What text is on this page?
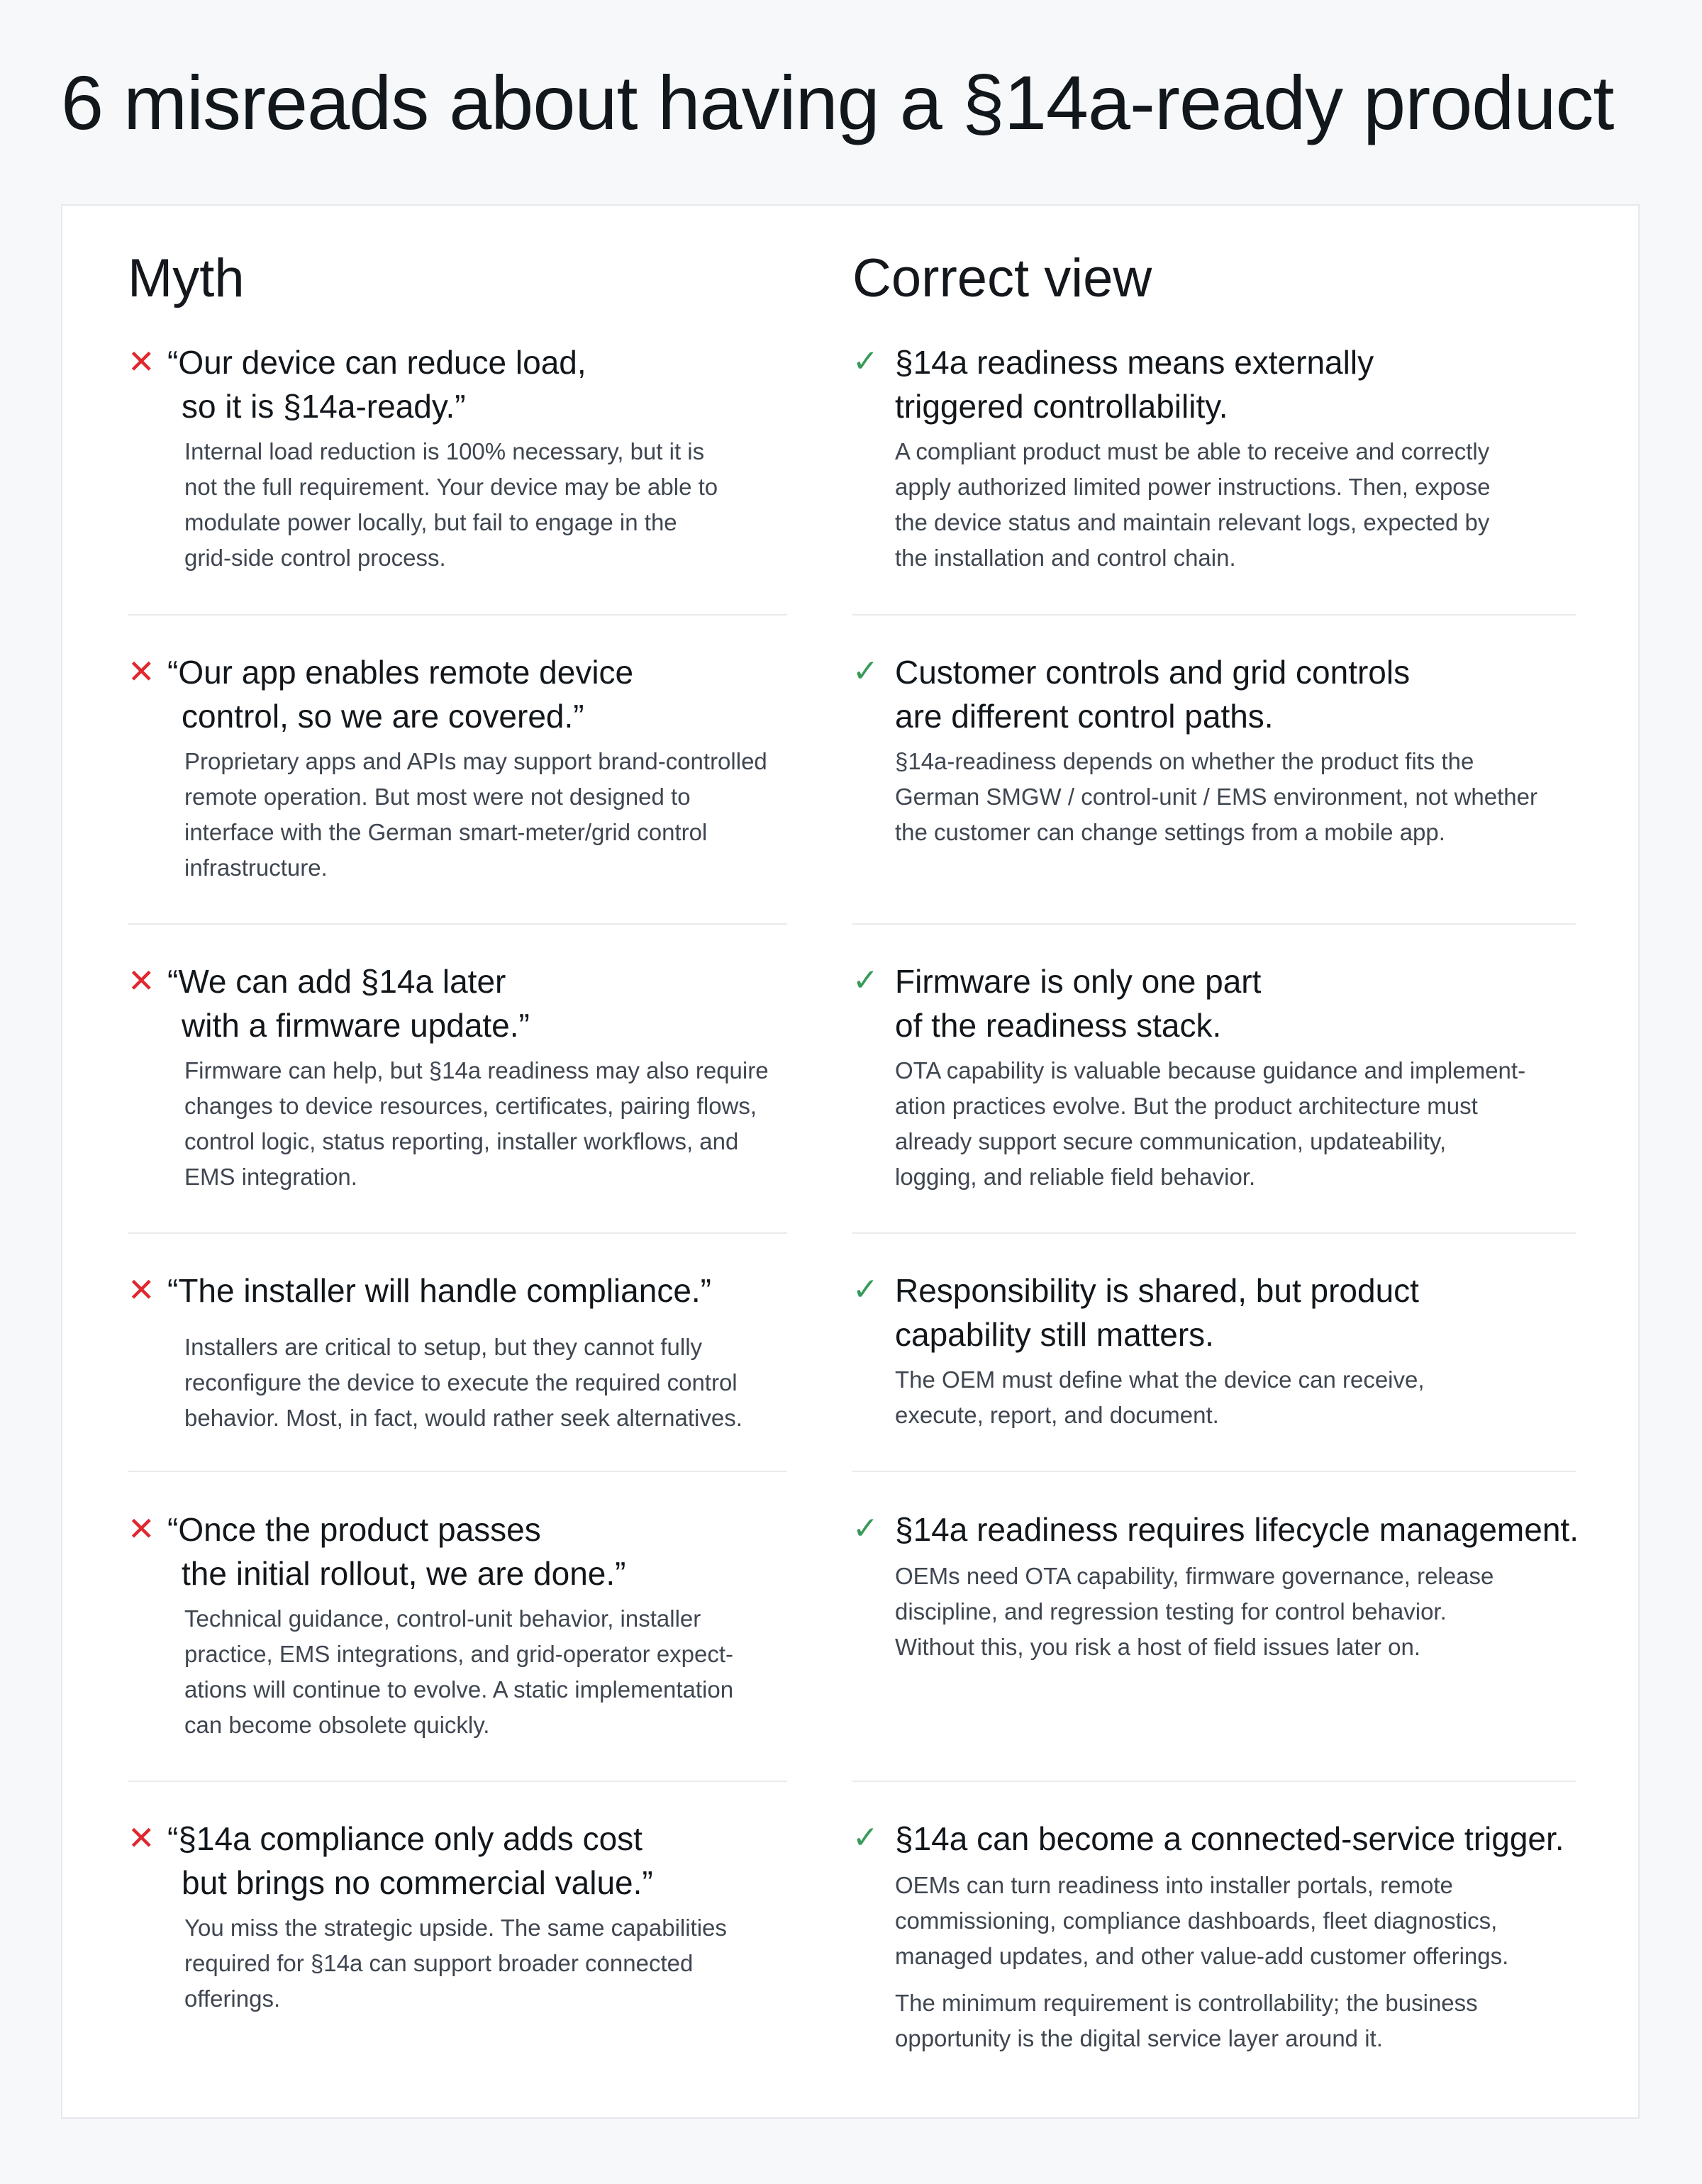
6 misreads about having a §14a-ready product
Myth	Correct view
✕ “Our device can reduce load,
so it is §14a-ready.”

Internal load reduction is 100% necessary, but it is
not the full requirement. Your device may be able to
modulate power locally, but fail to engage in the
grid-side control process.

✓ §14a readiness means externally
triggered controllability.

A compliant product must be able to receive and correctly
apply authorized limited power instructions. Then, expose
the device status and maintain relevant logs, expected by
the installation and control chain.

✕ “Our app enables remote device
control, so we are covered.”

Proprietary apps and APIs may support brand-controlled
remote operation. But most were not designed to
interface with the German smart-meter/grid control
infrastructure.

✓ Customer controls and grid controls
are different control paths.

§14a-readiness depends on whether the product fits the
German SMGW / control-unit / EMS environment, not whether
the customer can change settings from a mobile app.

✕ “We can add §14a later
with a firmware update.”

Firmware can help, but §14a readiness may also require
changes to device resources, certificates, pairing flows,
control logic, status reporting, installer workflows, and
EMS integration.

✓ Firmware is only one part
of the readiness stack.

OTA capability is valuable because guidance and implement-
ation practices evolve. But the product architecture must
already support secure communication, updateability,
logging, and reliable field behavior.

✕ “The installer will handle compliance.”

Installers are critical to setup, but they cannot fully
reconfigure the device to execute the required control
behavior. Most, in fact, would rather seek alternatives.

✓ Responsibility is shared, but product
capability still matters.

The OEM must define what the device can receive,
execute, report, and document.

✕ “Once the product passes
the initial rollout, we are done.”

Technical guidance, control-unit behavior, installer
practice, EMS integrations, and grid-operator expect-
ations will continue to evolve. A static implementation
can become obsolete quickly.

✓ §14a readiness requires lifecycle management.

OEMs need OTA capability, firmware governance, release
discipline, and regression testing for control behavior.
Without this, you risk a host of field issues later on.

✕ “§14a compliance only adds cost
but brings no commercial value.”

You miss the strategic upside. The same capabilities
required for §14a can support broader connected
offerings.

✓ §14a can become a connected-service trigger.

OEMs can turn readiness into installer portals, remote
commissioning, compliance dashboards, fleet diagnostics,
managed updates, and other value-add customer offerings.

The minimum requirement is controllability; the business
opportunity is the digital service layer around it.
